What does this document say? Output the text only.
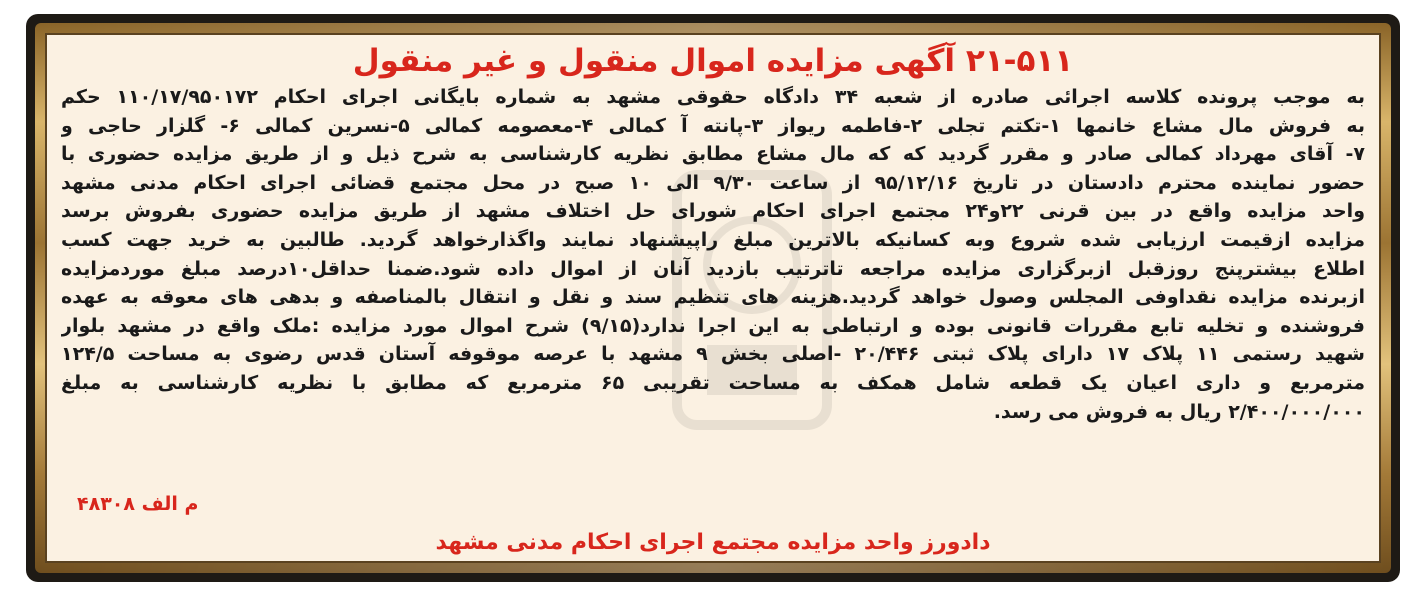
۲۱-۵۱۱ آگهی مزایده اموال منقول و غیر منقول
به موجب پرونده کلاسه اجرائی صادره از شعبه ۳۴ دادگاه حقوقی مشهد به شماره بایگانی اجرای احکام ۱۱۰/۱۷/۹۵۰۱۷۲ حکم
به فروش مال مشاع خانمها ۱-تکتم تجلی ۲-فاطمه ریواز ۳-پانته آ کمالی ۴-معصومه کمالی ۵-نسرین کمالی ۶- گلزار حاجی و
۷- آقای مهرداد کمالی صادر و مقرر گردید که که مال مشاع مطابق نظریه کارشناسی به شرح ذیل و از طریق مزایده حضوری با
حضور نماینده محترم دادستان در تاریخ ۹۵/۱۲/۱۶ از ساعت ۹/۳۰ الی ۱۰ صبح در محل مجتمع قضائی اجرای احکام مدنی مشهد
واحد مزایده واقع در بین قرنی ۲۲و۲۴ مجتمع اجرای احکام شورای حل اختلاف مشهد از طریق مزایده حضوری بفروش برسد
مزایده ازقیمت ارزیابی شده شروع وبه کسانیکه بالاترین مبلغ راپیشنهاد نمایند واگذارخواهد گردید. طالبین به خرید جهت کسب
اطلاع بیشترپنج روزقبل ازبرگزاری مزایده مراجعه تاترتیب بازدید آنان از اموال داده شود.ضمنا حداقل۱۰درصد مبلغ موردمزایده
ازبرنده مزایده نقداوفی المجلس وصول خواهد گردید.هزینه های تنظیم سند و نقل و انتقال بالمناصفه و بدهی های معوقه به عهده
فروشنده و تخلیه تابع مقررات قانونی بوده و ارتباطی به این اجرا ندارد(۹/۱۵) شرح اموال مورد مزایده :ملک واقع در مشهد بلوار
شهید رستمی ۱۱ پلاک ۱۷ دارای پلاک ثبتی ۲۰/۴۴۶ -اصلی بخش ۹ مشهد با عرصه موقوفه آستان قدس رضوی به مساحت ۱۲۴/۵
مترمربع و داری اعیان یک قطعه شامل همکف به مساحت تقریبی ۶۵ مترمربع که مطابق با نظریه کارشناسی به مبلغ
۲/۴۰۰/۰۰۰/۰۰۰ ریال به فروش می رسد.
م الف ۴۸۳۰۸
دادورز واحد مزایده مجتمع اجرای احکام مدنی مشهد
